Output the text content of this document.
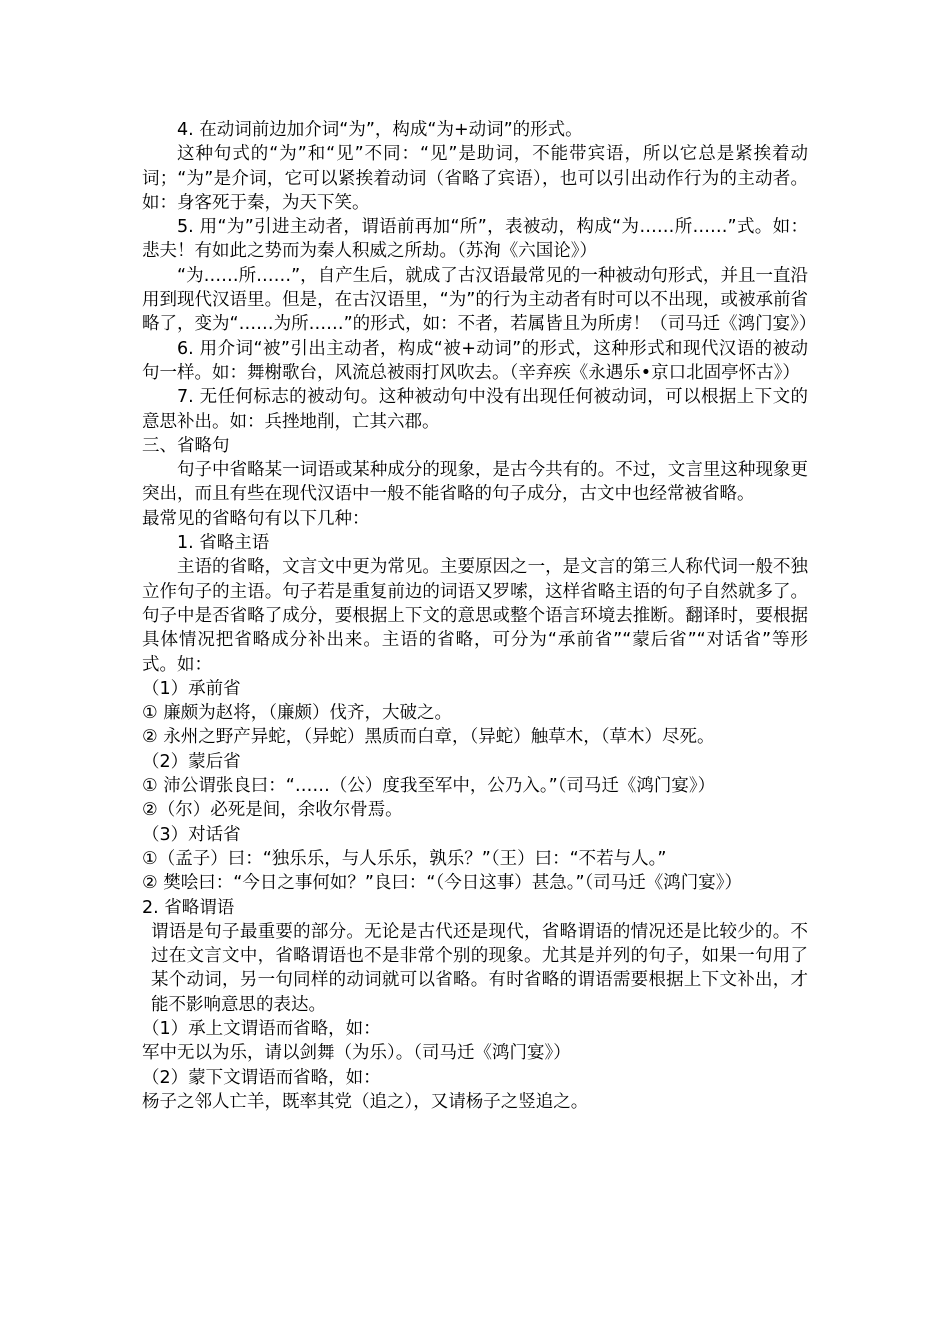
4. 在动词前边加介词“为”，构成“为+动词”的形式。

这种句式的“为”和“见”不同：“见”是助词，不能带宾语，所以它总是紧挨着动词；“为”是介词，它可以紧挨着动词（省略了宾语），也可以引出动作行为的主动者。如：身客死于秦，为天下笑。

5. 用“为”引进主动者，谓语前再加“所”，表被动，构成“为……所……”式。如：悲夫！有如此之势而为秦人积威之所劫。（苏洵《六国论》）

“为……所……”，自产生后，就成了古汉语最常见的一种被动句形式，并且一直沿用到现代汉语里。但是，在古汉语里，“为”的行为主动者有时可以不出现，或被承前省略了，变为“……为所……”的形式，如：不者，若属皆且为所虏！（司马迁《鸿门宴》）

6. 用介词“被”引出主动者，构成“被+动词”的形式，这种形式和现代汉语的被动句一样。如：舞榭歌台，风流总被雨打风吹去。（辛弃疾《永遇乐•京口北固亭怀古》）

7. 无任何标志的被动句。这种被动句中没有出现任何被动词，可以根据上下文的意思补出。如：兵挫地削，亡其六郡。

三、省略句

句子中省略某一词语或某种成分的现象，是古今共有的。不过，文言里这种现象更突出，而且有些在现代汉语中一般不能省略的句子成分，古文中也经常被省略。

最常见的省略句有以下几种：

1. 省略主语

主语的省略，文言文中更为常见。主要原因之一，是文言的第三人称代词一般不独立作句子的主语。句子若是重复前边的词语又罗嗦，这样省略主语的句子自然就多了。句子中是否省略了成分，要根据上下文的意思或整个语言环境去推断。翻译时，要根据具体情况把省略成分补出来。主语的省略，可分为“承前省”“蒙后省”“对话省”等形式。如：

（1）承前省

① 廉颇为赵将，（廉颇）伐齐，大破之。

② 永州之野产异蛇，（异蛇）黑质而白章，（异蛇）触草木，（草木）尽死。

（2）蒙后省

① 沛公谓张良曰：“……（公）度我至军中，公乃入。”（司马迁《鸿门宴》）

②（尔）必死是间，余收尔骨焉。

（3）对话省

①（孟子）曰：“独乐乐，与人乐乐，孰乐？”（王）曰：“不若与人。”

② 樊哙曰：“今日之事何如？”良曰：“（今日这事）甚急。”（司马迁《鸿门宴》）

2. 省略谓语

谓语是句子最重要的部分。无论是古代还是现代，省略谓语的情况还是比较少的。不过在文言文中，省略谓语也不是非常个别的现象。尤其是并列的句子，如果一句用了某个动词，另一句同样的动词就可以省略。有时省略的谓语需要根据上下文补出，才能不影响意思的表达。

（1）承上文谓语而省略，如：

军中无以为乐，请以剑舞（为乐）。（司马迁《鸿门宴》）

（2）蒙下文谓语而省略，如：

杨子之邻人亡羊，既率其党（追之），又请杨子之竖追之。
